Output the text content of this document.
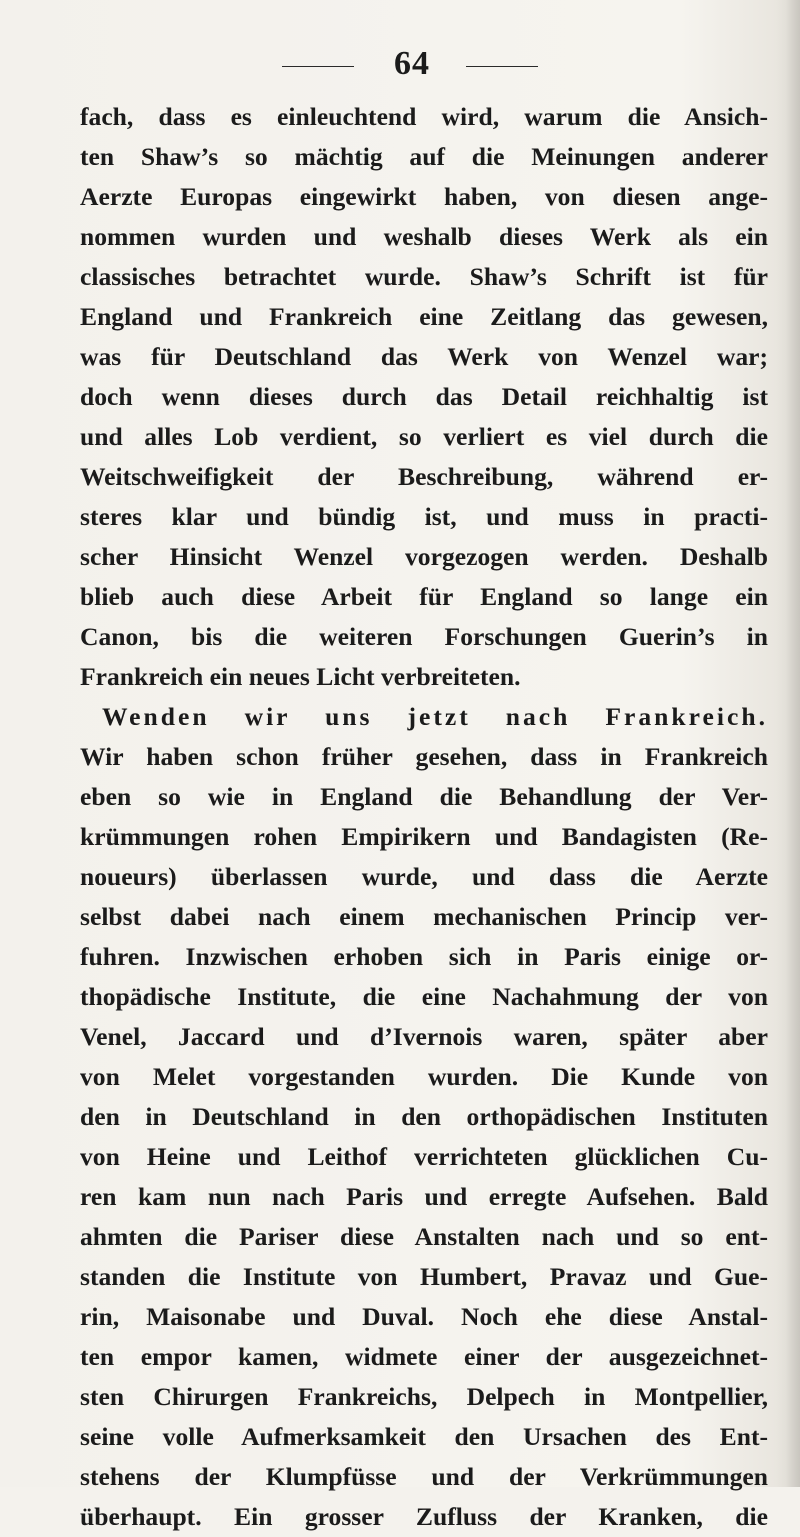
64
fach, dass es einleuchtend wird, warum die Ansich-
ten Shaw’s so mächtig auf die Meinungen anderer
Aerzte Europas eingewirkt haben, von diesen ange-
nommen wurden und weshalb dieses Werk als ein
classisches betrachtet wurde. Shaw’s Schrift ist für
England und Frankreich eine Zeitlang das gewesen,
was für Deutschland das Werk von Wenzel war;
doch wenn dieses durch das Detail reichhaltig ist
und alles Lob verdient, so verliert es viel durch die
Weitschweifigkeit der Beschreibung, während er-
steres klar und bündig ist, und muss in practi-
scher Hinsicht Wenzel vorgezogen werden. Deshalb
blieb auch diese Arbeit für England so lange ein
Canon, bis die weiteren Forschungen Guerin’s in
Frankreich ein neues Licht verbreiteten.
Wenden wir uns jetzt nach Frankreich.
Wir haben schon früher gesehen, dass in Frankreich
eben so wie in England die Behandlung der Ver-
krümmungen rohen Empirikern und Bandagisten (Re-
noueurs) überlassen wurde, und dass die Aerzte
selbst dabei nach einem mechanischen Princip ver-
fuhren. Inzwischen erhoben sich in Paris einige or-
thopädische Institute, die eine Nachahmung der von
Venel, Jaccard und d’Ivernois waren, später aber
von Melet vorgestanden wurden. Die Kunde von
den in Deutschland in den orthopädischen Instituten
von Heine und Leithof verrichteten glücklichen Cu-
ren kam nun nach Paris und erregte Aufsehen. Bald
ahmten die Pariser diese Anstalten nach und so ent-
standen die Institute von Humbert, Pravaz und Gue-
rin, Maisonabe und Duval. Noch ehe diese Anstal-
ten empor kamen, widmete einer der ausgezeichnet-
sten Chirurgen Frankreichs, Delpech in Montpellier,
seine volle Aufmerksamkeit den Ursachen des Ent-
stehens der Klumpfüsse und der Verkrümmungen
überhaupt. Ein grosser Zufluss der Kranken, die
